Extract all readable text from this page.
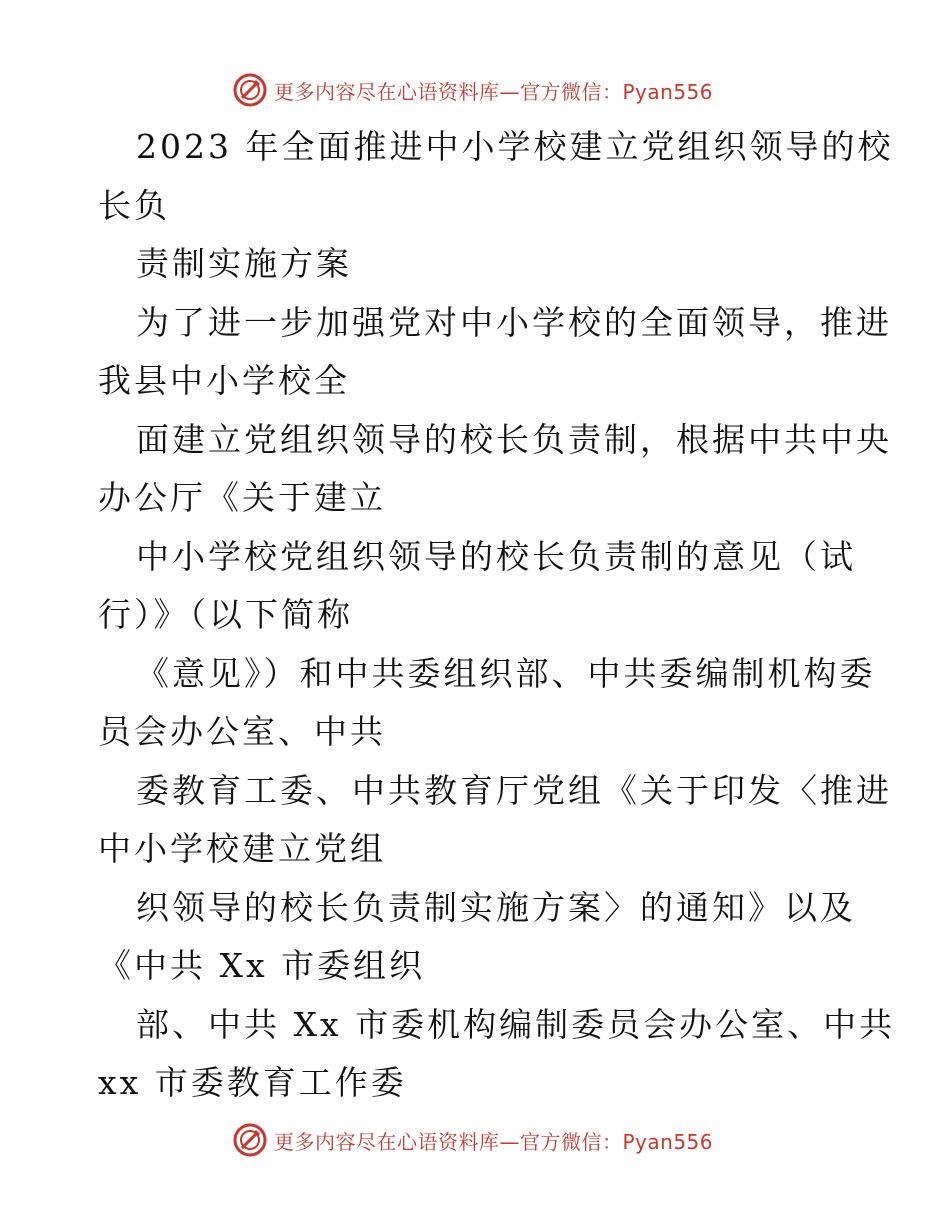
更多内容尽在心语资料库—官方微信：Pyan556
2023 年全面推进中小学校建立党组织领导的校
长负
责制实施方案
为了进一步加强党对中小学校的全面领导，推进
我县中小学校全
面建立党组织领导的校长负责制，根据中共中央
办公厅《关于建立
中小学校党组织领导的校长负责制的意见（试
行）》（以下简称
《意见》）和中共委组织部、中共委编制机构委
员会办公室、中共
委教育工委、中共教育厅党组《关于印发〈推进
中小学校建立党组
织领导的校长负责制实施方案〉的通知》以及
《中共 Xx 市委组织
部、中共 Xx 市委机构编制委员会办公室、中共
xx 市委教育工作委
更多内容尽在心语资料库—官方微信：Pyan556
